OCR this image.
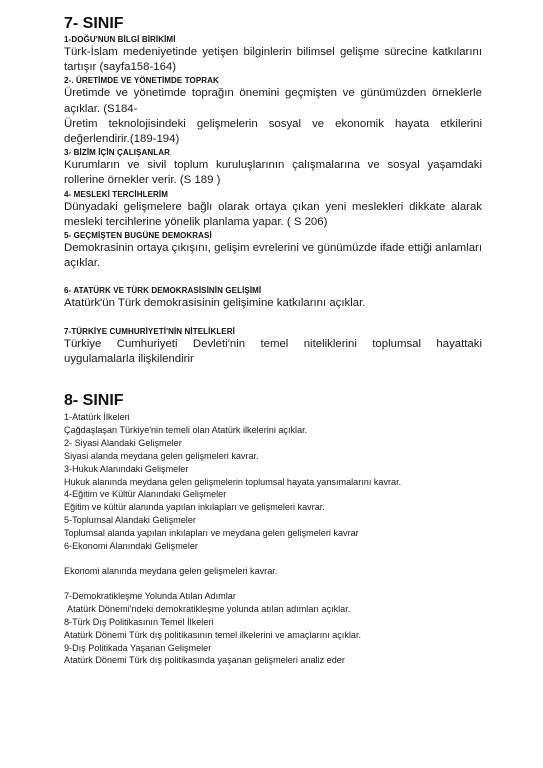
7- SINIF

1-DOĞU'NUN BİLGİ BİRİKİMİ

Türk-İslam medeniyetinde yetişen bilginlerin bilimsel gelişme sürecine katkılarını tartışır (sayfa158-164)

2-. ÜRETİMDE VE YÖNETİMDE TOPRAK

Üretimde ve yönetimde toprağın önemini geçmişten ve günümüzden örneklerle açıklar. (S184-

Üretim teknolojisindeki gelişmelerin sosyal ve ekonomik hayata etkilerini değerlendirir.(189-194)

3- BİZİM İÇİN ÇALIŞANLAR

Kurumların ve sivil toplum kuruluşlarının çalışmalarına ve sosyal yaşamdaki rollerine örnekler verir. (S 189 )

4- MESLEKİ TERCİHLERİM

Dünyadaki gelişmelere bağlı olarak ortaya çıkan yeni meslekleri dikkate alarak mesleki tercihlerine yönelik planlama yapar. ( S 206)

5- GEÇMİŞTEN BUGÜNE DEMOKRASİ

Demokrasinin ortaya çıkışını, gelişim evrelerini ve günümüzde ifade ettiği anlamları açıklar.

6- ATATÜRK VE TÜRK DEMOKRASİSİNİN GELİŞİMİ

Atatürk'ün Türk demokrasisinin gelişimine katkılarını açıklar.

7-TÜRKİYE CUMHURİYETİ'NİN NİTELİKLERİ

Türkiye Cumhuriyeti Devleti'nin temel niteliklerini toplumsal hayattaki uygulamalarla ilişkilendirir

8- SINIF

1-Atatürk İlkeleri

Çağdaşlaşan Türkiye'nin temeli olan Atatürk ilkelerini açıklar.

2- Siyasi Alandaki Gelişmeler

Siyasi alanda meydana gelen gelişmeleri kavrar.

3-Hukuk Alanındaki Gelişmeler

Hukuk alanında meydana gelen gelişmelerin toplumsal hayata yansımalarını kavrar.

4-Eğitim ve Kültür Alanındaki Gelişmeler

Eğitim ve kültür alanında yapılan inkılapları ve gelişmeleri kavrar.

5-Toplumsal Alandaki Gelişmeler

Toplumsal alanda yapılan inkılapları ve meydana gelen gelişmeleri kavrar

6-Ekonomi Alanındaki Gelişmeler

Ekonomi alanında meydana gelen gelişmeleri kavrar.

7-Demokratikleşme Yolunda Atılan Adımlar

Atatürk Dönemi'ndeki demokratikleşme yolunda atılan adımları açıklar.

8-Türk Dış Politikasının Temel İlkeleri

Atatürk Dönemi Türk dış politikasının temel ilkelerini ve amaçlarını açıklar.

9-Dış Politikada Yaşanan Gelişmeler

Atatürk Dönemi Türk dış politikasında yaşanan gelişmeleri analiz eder
